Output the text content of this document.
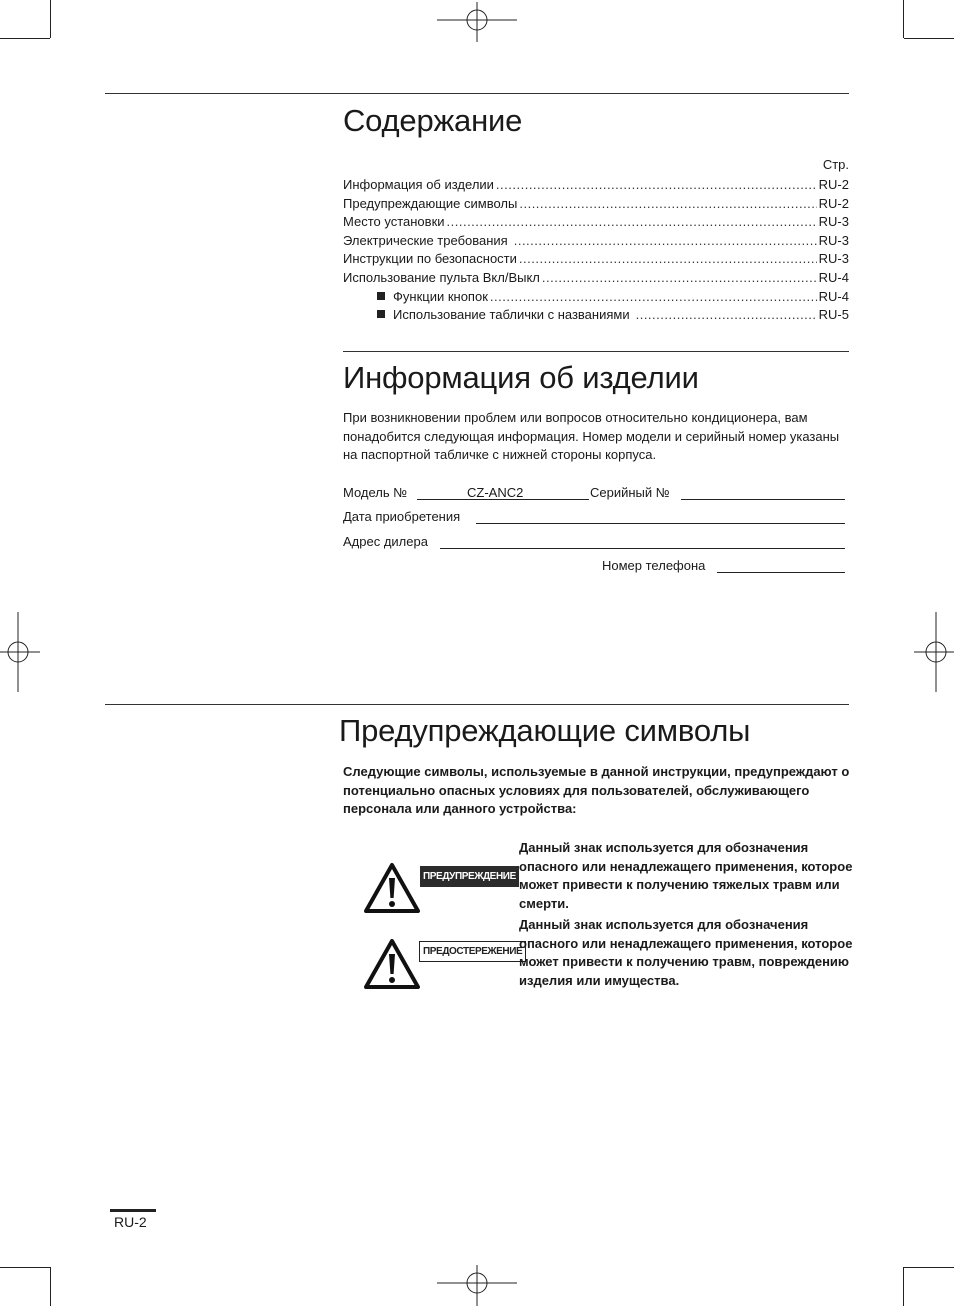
Содержание
Стр.
Информация об изделии .....	RU-2
Предупреждающие символы .....	RU-2
Место установки .....	RU-3
Электрические требования .....	RU-3
Инструкции по безопасности .....	RU-3
Использование пульта Вкл/Выкл .....	RU-4
Функции кнопок .....	RU-4
Использование таблички с названиями .....	RU-5
Информация об изделии
При возникновении проблем или вопросов относительно кондиционера, вам понадобится следующая информация. Номер модели и серийный номер указаны на паспортной табличке с нижней стороны корпуса.
Модель №	CZ-ANC2	Серийный №
Дата приобретения
Адрес дилера
Номер телефона
Предупреждающие символы
Следующие символы, используемые в данной инструкции, предупреждают о потенциально опасных условиях для пользователей, обслуживающего персонала или данного устройства:
ПРЕДУПРЕЖДЕНИЕ
Данный знак используется для обозначения опасного или ненадлежащего применения, которое может привести к получению тяжелых травм или смерти.
ПРЕДОСТЕРЕЖЕНИЕ
Данный знак используется для обозначения опасного или ненадлежащего применения, которое может привести к получению травм, повреждению изделия или имущества.
RU-2
